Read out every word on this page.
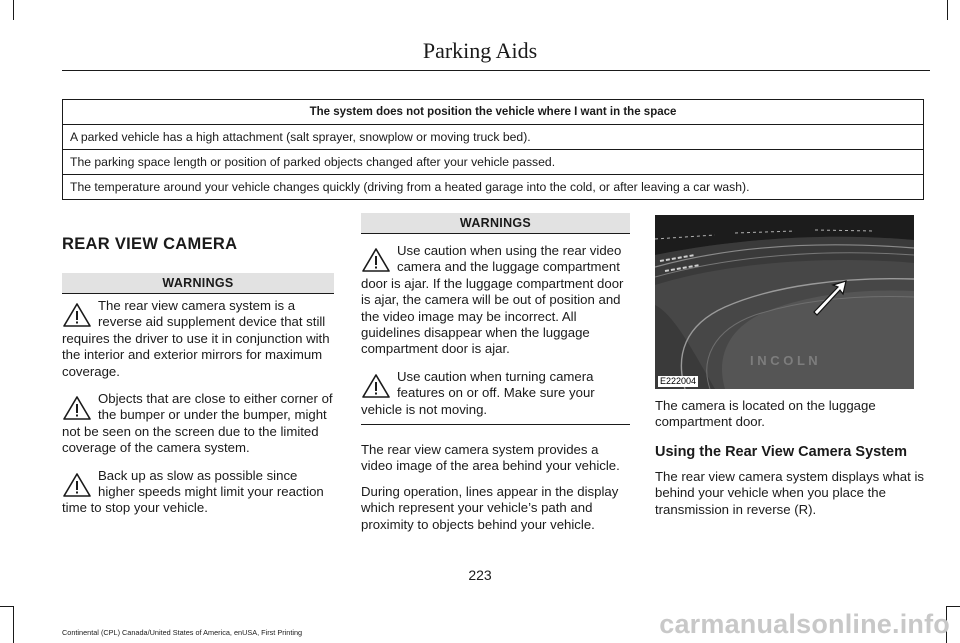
Parking Aids
The system does not position the vehicle where I want in the space
A parked vehicle has a high attachment (salt sprayer, snowplow or moving truck bed).
The parking space length or position of parked objects changed after your vehicle passed.
The temperature around your vehicle changes quickly (driving from a heated garage into the cold, or after leaving a car wash).
REAR VIEW CAMERA
WARNINGS
The rear view camera system is a reverse aid supplement device that still requires the driver to use it in conjunction with the interior and exterior mirrors for maximum coverage.
Objects that are close to either corner of the bumper or under the bumper, might not be seen on the screen due to the limited coverage of the camera system.
Back up as slow as possible since higher speeds might limit your reaction time to stop your vehicle.
WARNINGS
Use caution when using the rear video camera and the luggage compartment door is ajar. If the luggage compartment door is ajar, the camera will be out of position and the video image may be incorrect. All guidelines disappear when the luggage compartment door is ajar.
Use caution when turning camera features on or off. Make sure your vehicle is not moving.

The rear view camera system provides a video image of the area behind your vehicle.

During operation, lines appear in the display which represent your vehicle’s path and proximity to objects behind your vehicle.

I N C O L N
E222004

The camera is located on the luggage compartment door.

Using the Rear View Camera System

The rear view camera system displays what is behind your vehicle when you place the transmission in reverse (R).

223
Continental (CPL) Canada/United States of America, enUSA, First Printing	carmanualsonline.info
